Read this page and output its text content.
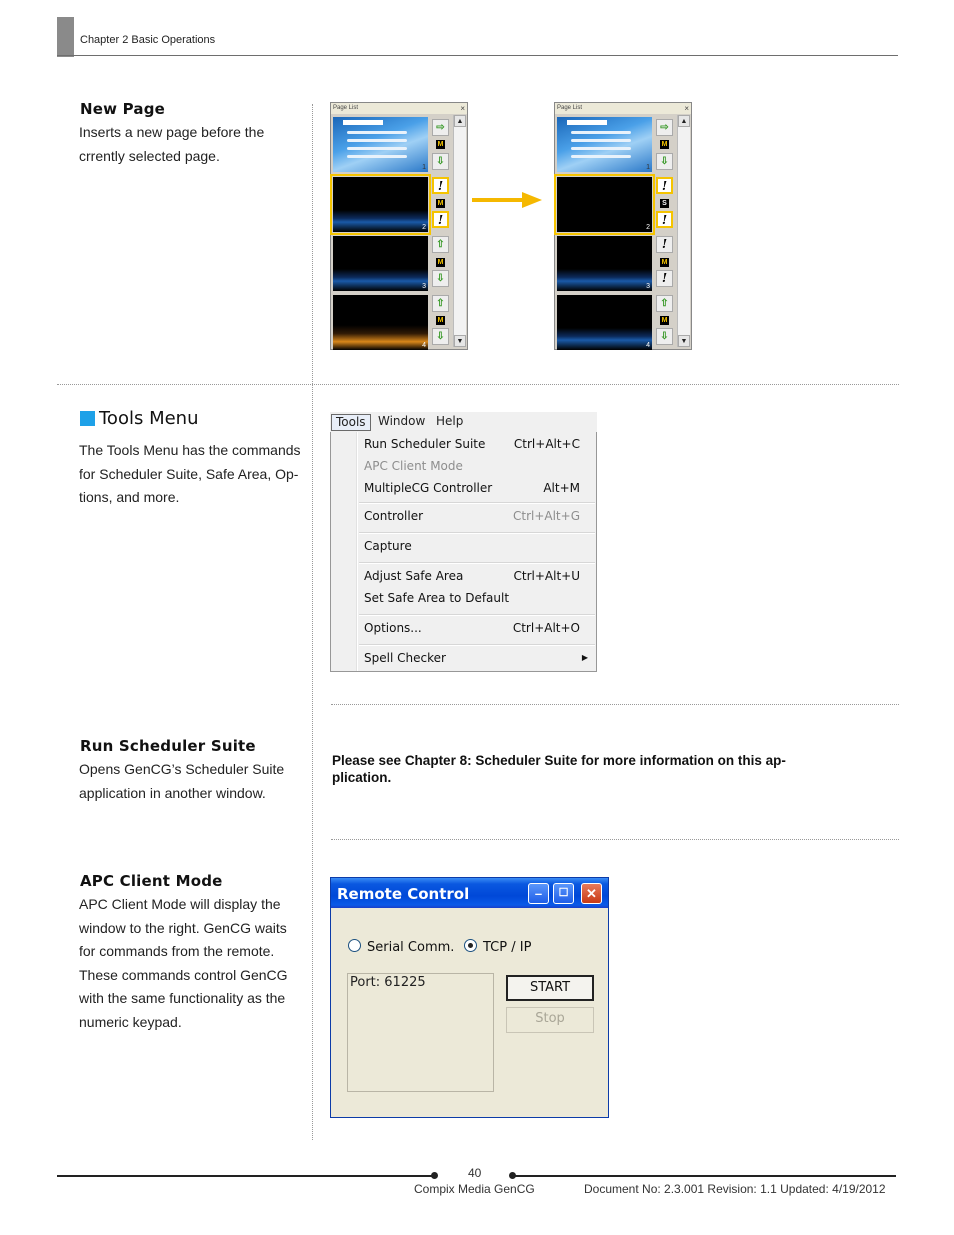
Chapter 2 Basic Operations
New Page
Inserts a new page before the
crrently selected page.
Page List	×
▲
▼
1
⇨
M
⇩
2
!
M
!
3
⇧
M
⇩
4
⇧
M
⇩
Page List	×
▲
▼
1
⇨
M
⇩
2
!
S
!
3
!
M
!
4
⇧
M
⇩
Tools Menu
The Tools Menu has the commands
for Scheduler Suite, Safe Area, Op-
tions, and more.
Tools	Window Help
Run Scheduler Suite Ctrl+Alt+C
APC Client Mode
MultipleCG Controller	Alt+M
Controller	Ctrl+Alt+G
Capture
Adjust Safe Area	Ctrl+Alt+U
Set Safe Area to Default
Options...	Ctrl+Alt+O
Spell Checker	▶
Run Scheduler Suite
Opens GenCG’s Scheduler Suite
application in another window.
Please see Chapter 8: Scheduler Suite for more information on this ap-
plication.
APC Client Mode
APC Client Mode will display the
window to the right. GenCG waits
for commands from the remote.
These commands control GenCG
with the same functionality as the
numeric keypad.
Remote Control	–	☐	✕
Serial Comm.	TCP / IP
Port: 61225	START
Stop
40
Compix Media GenCG	Document No: 2.3.001 Revision: 1.1 Updated: 4/19/2012
